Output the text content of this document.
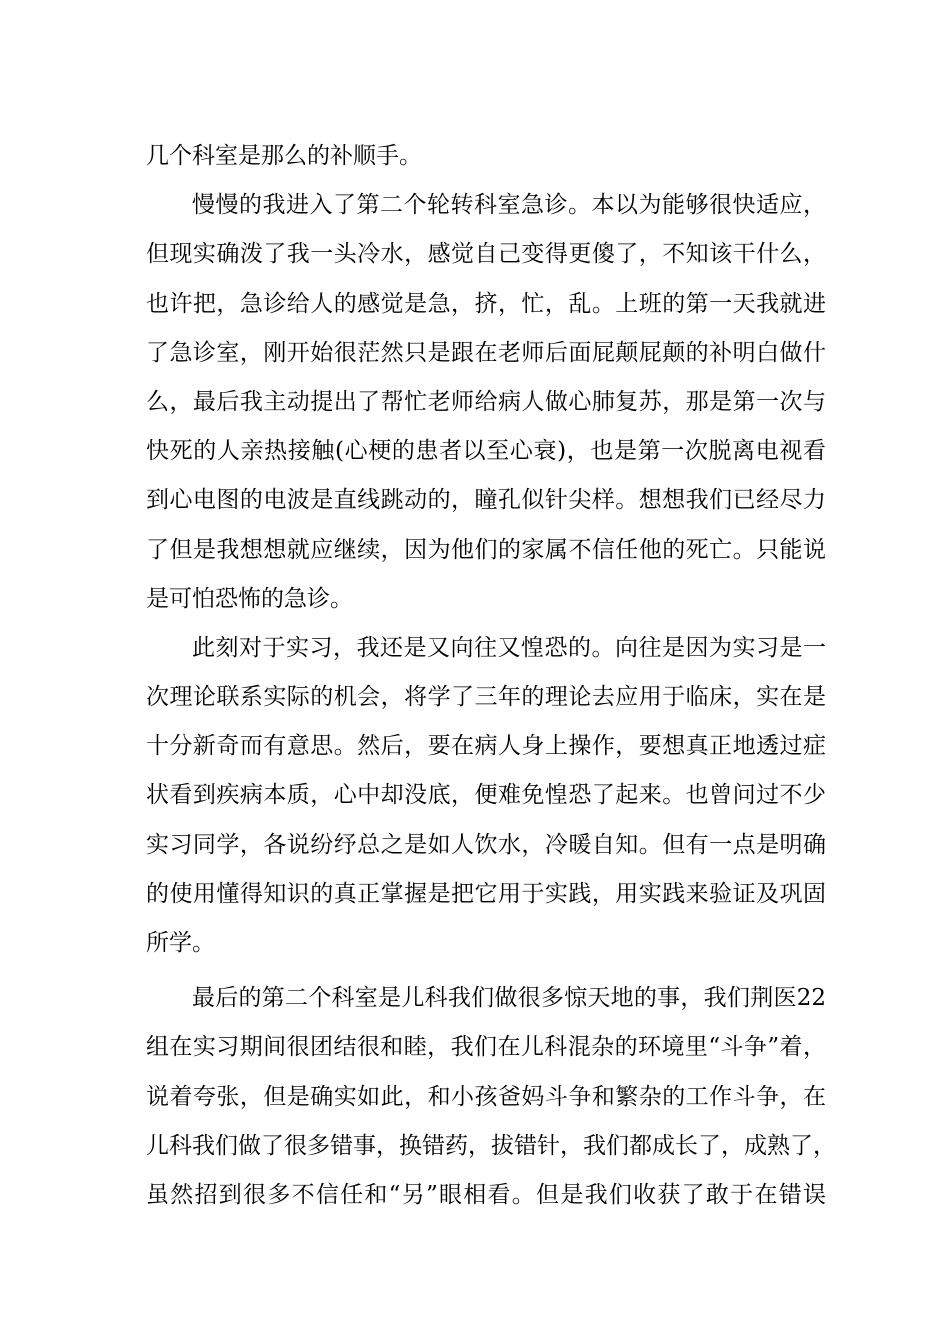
几个科室是那么的补顺手。
慢慢的我进入了第二个轮转科室急诊。本以为能够很快适应，
但现实确泼了我一头冷水，感觉自己变得更傻了，不知该干什么，
也许把，急诊给人的感觉是急，挤，忙，乱。上班的第一天我就进
了急诊室，刚开始很茫然只是跟在老师后面屁颠屁颠的补明白做什
么，最后我主动提出了帮忙老师给病人做心肺复苏，那是第一次与
快死的人亲热接触(心梗的患者以至心衰)，也是第一次脱离电视看
到心电图的电波是直线跳动的，瞳孔似针尖样。想想我们已经尽力
了但是我想想就应继续，因为他们的家属不信任他的死亡。只能说
是可怕恐怖的急诊。
此刻对于实习，我还是又向往又惶恐的。向往是因为实习是一
次理论联系实际的机会，将学了三年的理论去应用于临床，实在是
十分新奇而有意思。然后，要在病人身上操作，要想真正地透过症
状看到疾病本质，心中却没底，便难免惶恐了起来。也曾问过不少
实习同学，各说纷纾总之是如人饮水，冷暖自知。但有一点是明确
的使用懂得知识的真正掌握是把它用于实践，用实践来验证及巩固
所学。
最后的第二个科室是儿科我们做很多惊天地的事，我们荆医22
组在实习期间很团结很和睦，我们在儿科混杂的环境里“斗争”着，
说着夸张，但是确实如此，和小孩爸妈斗争和繁杂的工作斗争，在
儿科我们做了很多错事，换错药，拔错针，我们都成长了，成熟了，
虽然招到很多不信任和“另”眼相看。但是我们收获了敢于在错误
